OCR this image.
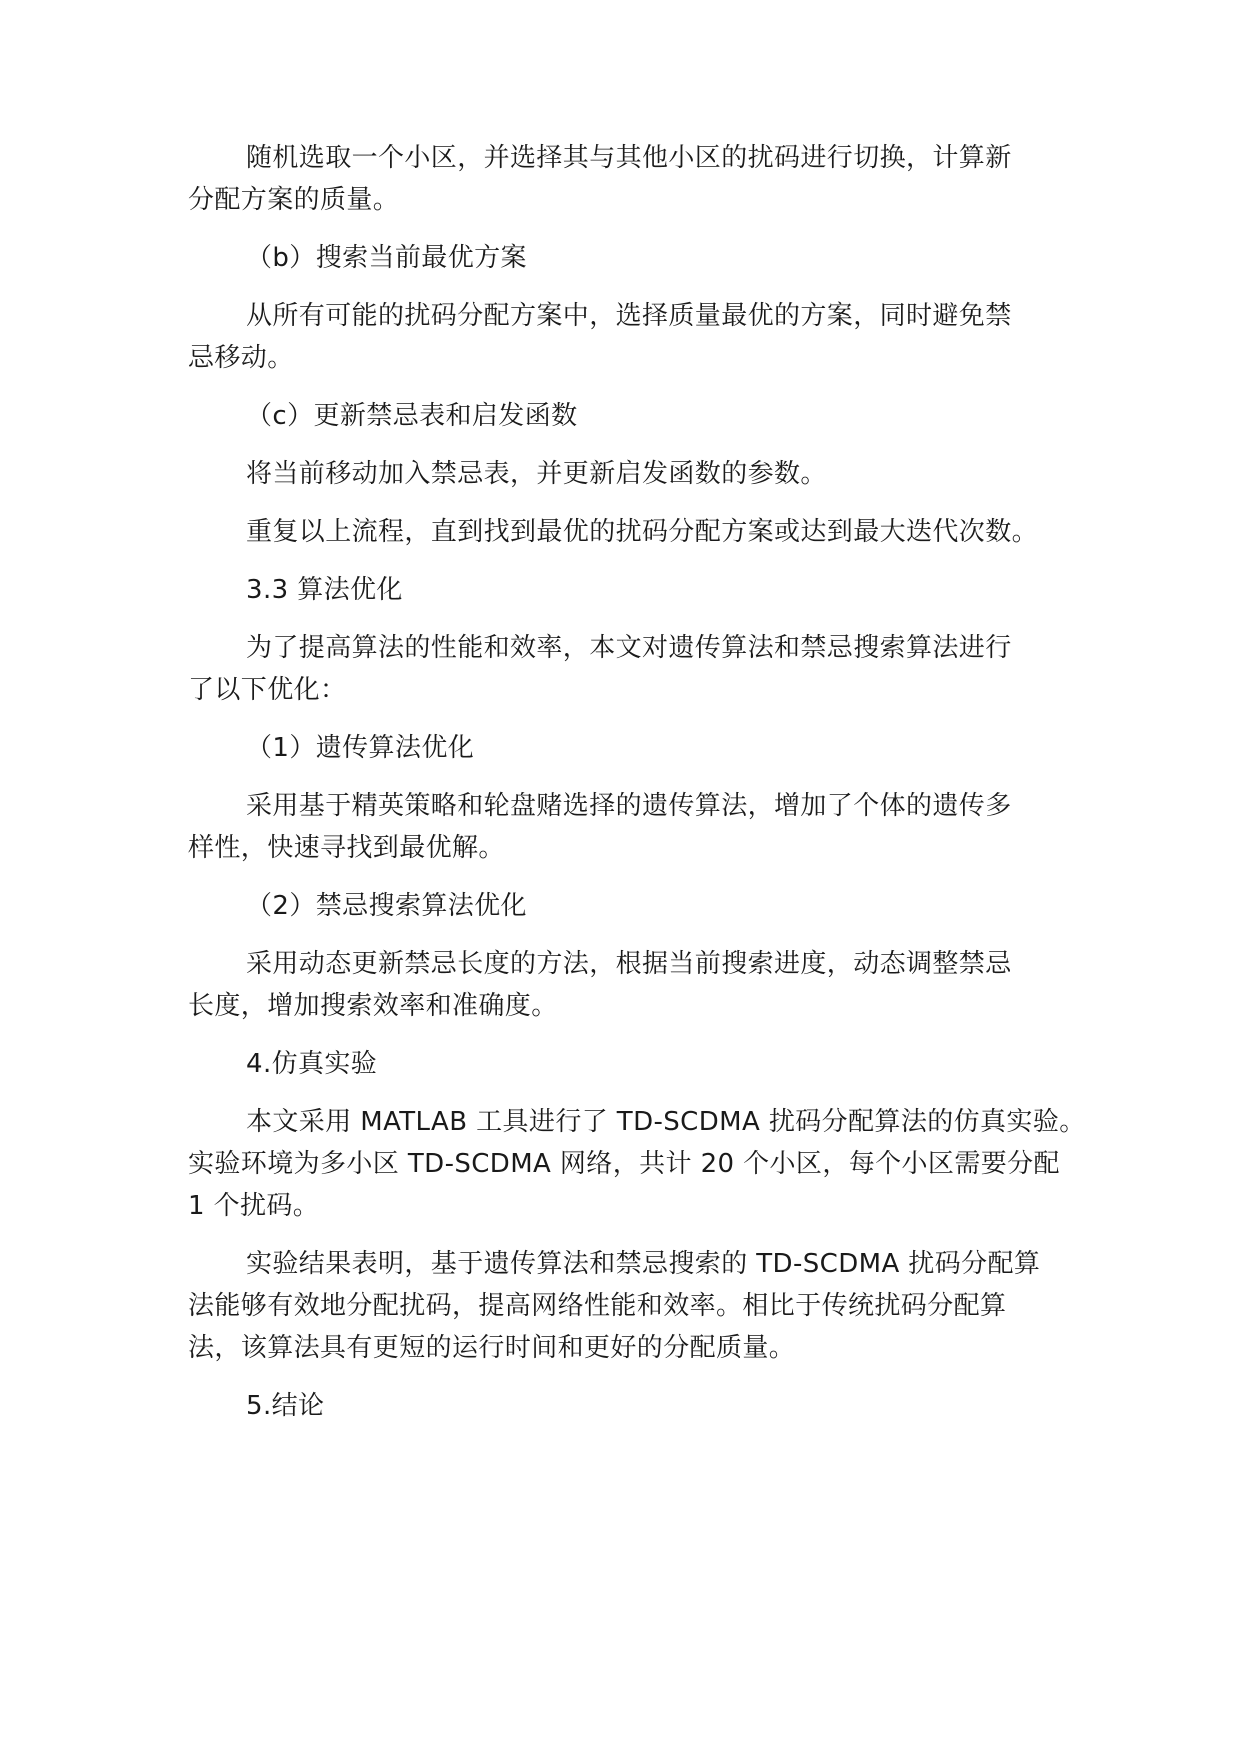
随机选取一个小区，并选择其与其他小区的扰码进行切换，计算新
分配方案的质量。
（b）搜索当前最优方案
从所有可能的扰码分配方案中，选择质量最优的方案，同时避免禁
忌移动。
（c）更新禁忌表和启发函数
将当前移动加入禁忌表，并更新启发函数的参数。
重复以上流程，直到找到最优的扰码分配方案或达到最大迭代次数。
3.3 算法优化
为了提高算法的性能和效率，本文对遗传算法和禁忌搜索算法进行
了以下优化：
（1）遗传算法优化
采用基于精英策略和轮盘赌选择的遗传算法，增加了个体的遗传多
样性，快速寻找到最优解。
（2）禁忌搜索算法优化
采用动态更新禁忌长度的方法，根据当前搜索进度，动态调整禁忌
长度，增加搜索效率和准确度。
4.仿真实验
本文采用 MATLAB 工具进行了 TD-SCDMA 扰码分配算法的仿真实验。
实验环境为多小区 TD-SCDMA 网络，共计 20 个小区，每个小区需要分配
1 个扰码。
实验结果表明，基于遗传算法和禁忌搜索的 TD-SCDMA 扰码分配算
法能够有效地分配扰码，提高网络性能和效率。相比于传统扰码分配算
法，该算法具有更短的运行时间和更好的分配质量。
5.结论
